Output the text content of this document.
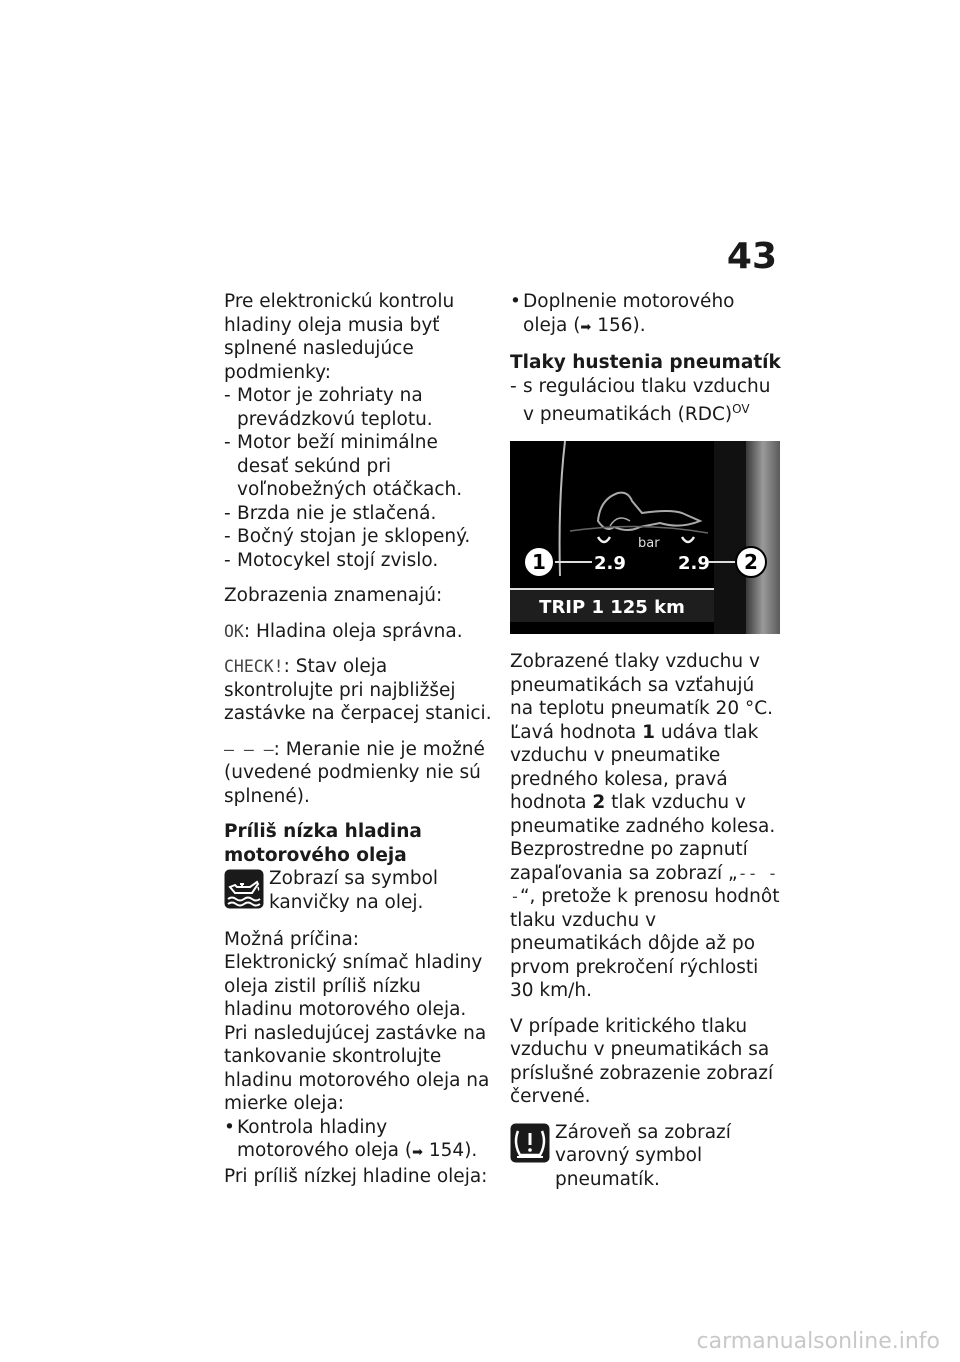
43

Pre elektronickú kontrolu hladiny oleja musia byť splnené nasledujúce podmienky:

- Motor je zohriaty na prevádzkovú teplotu.

- Motor beží minimálne desať sekúnd pri voľnobežných otáčkach.

- Brzda nie je stlačená.

- Bočný stojan je sklopený.

- Motocykel stojí zvislo.

Zobrazenia znamenajú:

OK: Hladina oleja správna.

CHECK!: Stav oleja skontrolujte pri najbližšej zastávke na čerpacej stanici.

– – –: Meranie nie je možné (uvedené podmienky nie sú splnené).

Príliš nízka hladina motorového oleja

Zobrazí sa symbol kanvičky na olej.

Možná príčina:

Elektronický snímač hladiny oleja zistil príliš nízku hladinu motorového oleja. Pri nasledujúcej zastávke na tankovanie skontrolujte hladinu motorového oleja na mierke oleja:

• Kontrola hladiny motorového oleja (➡ 154).

Pri príliš nízkej hladine oleja:

• Doplnenie motorového oleja (➡ 156).

Tlaky hustenia pneumatík

- s reguláciou tlaku vzduchu v pneumatikách (RDC)$^{OV}$

bar
2.9	2.9
1	2
TRIP 1 125 km

Zobrazené tlaky vzduchu v pneumatikách sa vzťahujú na teplotu pneumatík 20 °C. Ľavá hodnota 1 udáva tlak vzduchu v pneumatike predného kolesa, pravá hodnota 2 tlak vzduchu v pneumatike zadného kolesa. Bezprostredne po zapnutí zapaľovania sa zobrazí „-- --“, pretože k prenosu hodnôt tlaku vzduchu v pneumatikách dôjde až po prvom prekročení rýchlosti 30 km/h.

V prípade kritického tlaku vzduchu v pneumatikách sa príslušné zobrazenie zobrazí červené.

Zároveň sa zobrazí varovný symbol pneumatík.

carmanualsonline.info
